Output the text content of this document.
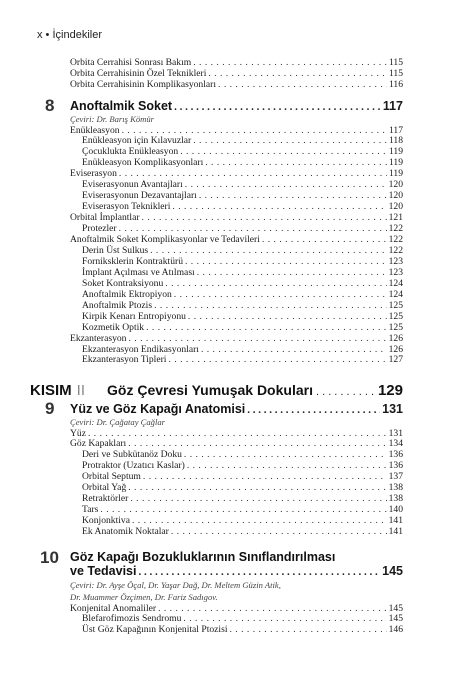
x • İçindekiler
Orbita Cerrahisi Sonrası Bakım . . .	115
Orbita Cerrahisinin Özel Teknikleri . . .	115
Orbita Cerrahisinin Komplikasyonları . . .	116
8 Anoftalmik Soket . . .	117
Çeviri: Dr. Barış Kömür
Enükleasyon . . .	117
Enükleasyon için Kılavuzlar . . .	118
Çocuklukta Enükleasyon . . .	119
Enükleasyon Komplikasyonları . . .	119
Eviserasyon . . .	119
Eviserasyonun Avantajları . . .	120
Eviserasyonun Dezavantajları . . .	120
Eviserasyon Teknikleri . . .	120
Orbital İmplantlar . . .	121
Protezler . . .	122
Anoftalmik Soket Komplikasyonlar ve Tedavileri . . .	122
Derin Üst Sulkus . . .	122
Forniksklerin Kontraktürü . . .	123
İmplant Açılması ve Atılması . . .	123
Soket Kontraksiyonu . . .	124
Anoftalmik Ektropiyon . . .	124
Anoftalmik Ptozis . . .	125
Kirpik Kenarı Entropiyonu . . .	125
Kozmetik Optik . . .	125
Ekzanterasyon . . .	126
Ekzanterasyon Endikasyonları . . .	126
Ekzanterasyon Tipleri . . .	127
KISIM II Göz Çevresi Yumuşak Dokuları . . .	129
9 Yüz ve Göz Kapağı Anatomisi . . .	131
Çeviri: Dr. Çağatay Çağlar
Yüz . . .	131
Göz Kapakları . . .	134
Deri ve Subkütanöz Doku . . .	136
Protraktor (Uzatıcı Kaslar) . . .	136
Orbital Septum . . .	137
Orbital Yağ . . .	138
Retraktörler . . .	138
Tars . . .	140
Konjonktiva . . .	141
Ek Anatomik Noktalar . . .	141
10 Göz Kapağı Bozukluklarının Sınıflandırılması
ve Tedavisi . . .	145
Çeviri: Dr. Ayşe Öçal, Dr. Yaşar Dağ, Dr. Meltem Güzin Atik,
Dr. Muammer Özçimen, Dr. Fariz Sadıgov.
Konjenital Anomaliler . . .	145
Blefarofimozis Sendromu . . .	145
Üst Göz Kapağının Konjenital Ptozisi . . .	146
